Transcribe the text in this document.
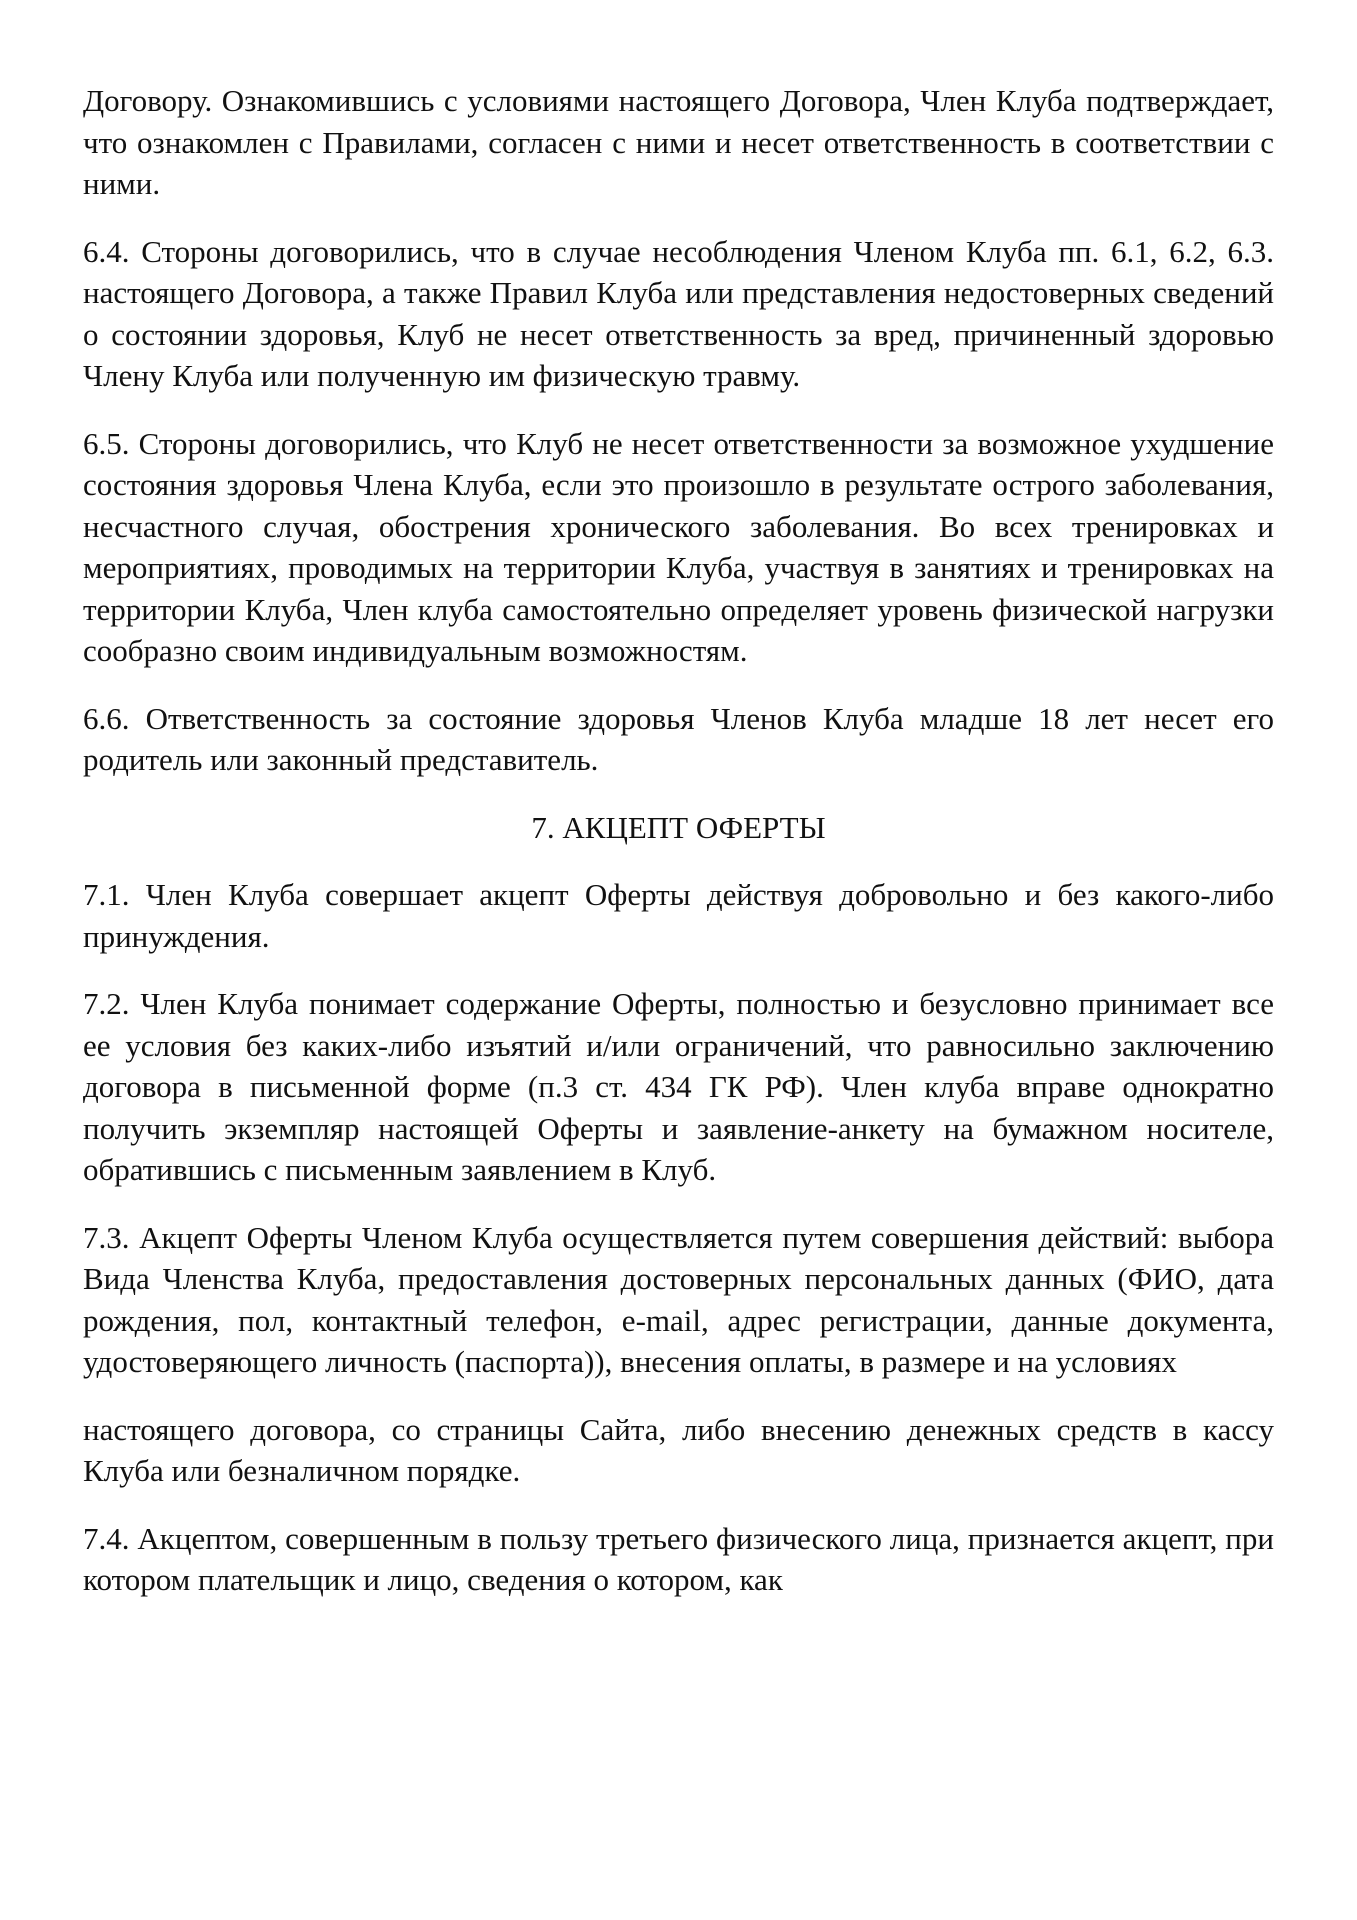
Договору. Ознакомившись с условиями настоящего Договора, Член Клуба подтверждает, что ознакомлен с Правилами, согласен с ними и несет ответственность в соответствии с ними.

6.4. Стороны договорились, что в случае несоблюдения Членом Клуба пп. 6.1, 6.2, 6.3. настоящего Договора, а также Правил Клуба или представления недостоверных сведений о состоянии здоровья, Клуб не несет ответственность за вред, причиненный здоровью Члену Клуба или полученную им физическую травму.

6.5. Стороны договорились, что Клуб не несет ответственности за возможное ухудшение состояния здоровья Члена Клуба, если это произошло в результате острого заболевания, несчастного случая, обострения хронического заболевания. Во всех тренировках и мероприятиях, проводимых на территории Клуба, участвуя в занятиях и тренировках на территории Клуба, Член клуба самостоятельно определяет уровень физической нагрузки сообразно своим индивидуальным возможностям.

6.6. Ответственность за состояние здоровья Членов Клуба младше 18 лет несет его родитель или законный представитель.

7. АКЦЕПТ ОФЕРТЫ

7.1. Член Клуба совершает акцепт Оферты действуя добровольно и без какого-либо принуждения.

7.2. Член Клуба понимает содержание Оферты, полностью и безусловно принимает все ее условия без каких-либо изъятий и/или ограничений, что равносильно заключению договора в письменной форме (п.3 ст. 434 ГК РФ). Член клуба вправе однократно получить экземпляр настоящей Оферты и заявление-анкету на бумажном носителе, обратившись с письменным заявлением в Клуб.

7.3. Акцепт Оферты Членом Клуба осуществляется путем совершения действий: выбора Вида Членства Клуба, предоставления достоверных персональных данных (ФИО, дата рождения, пол, контактный телефон, e-mail, адрес регистрации, данные документа, удостоверяющего личность (паспорта)), внесения оплаты, в размере и на условиях

настоящего договора, со страницы Сайта, либо внесению денежных средств в кассу Клуба или безналичном порядке.

7.4. Акцептом, совершенным в пользу третьего физического лица, признается акцепт, при котором плательщик и лицо, сведения о котором, как
